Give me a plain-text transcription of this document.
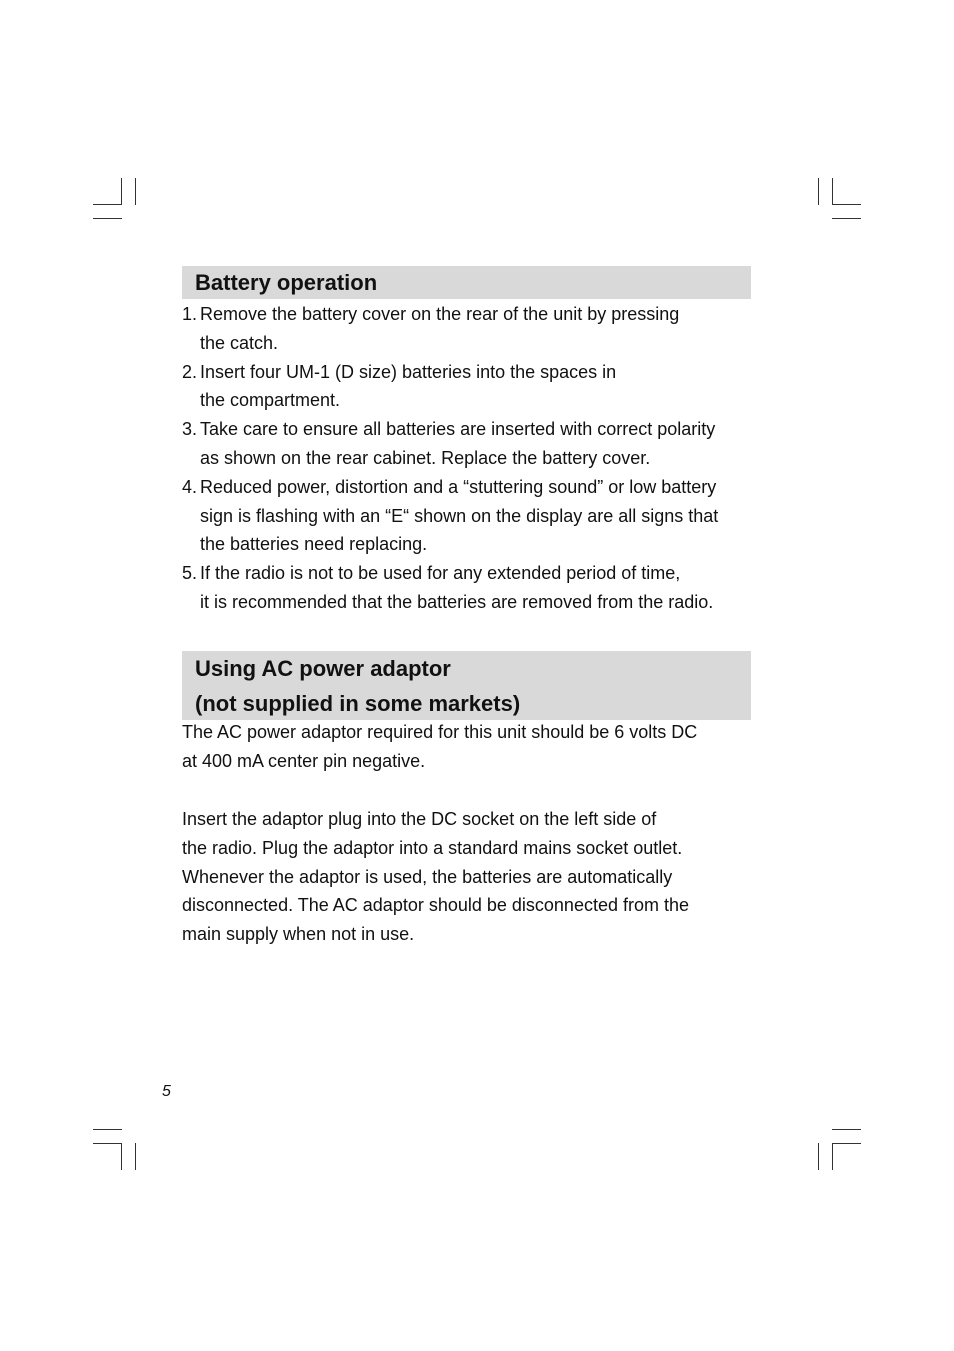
Battery operation
1. Remove the battery cover on the rear of the unit by pressing
the catch.
2. Insert four UM-1 (D size) batteries into the spaces in
the compartment.
3. Take care to ensure all batteries are inserted with correct polarity
as shown on the rear cabinet. Replace the battery cover.
4. Reduced power, distortion and a “stuttering sound” or low battery
sign is flashing with an “E“ shown on the display are all signs that
the batteries need replacing.
5. If the radio is not to be used for any extended period of time,
it is recommended that the batteries are removed from the radio.
Using AC power adaptor
(not supplied in some markets)
The AC power adaptor required for this unit should be 6 volts DC
at 400 mA center pin negative.
Insert the adaptor plug into the DC socket on the left side of
the radio. Plug the adaptor into a standard mains socket outlet.
Whenever the adaptor is used, the batteries are automatically
disconnected. The AC adaptor should be disconnected from the
main supply when not in use.
5
